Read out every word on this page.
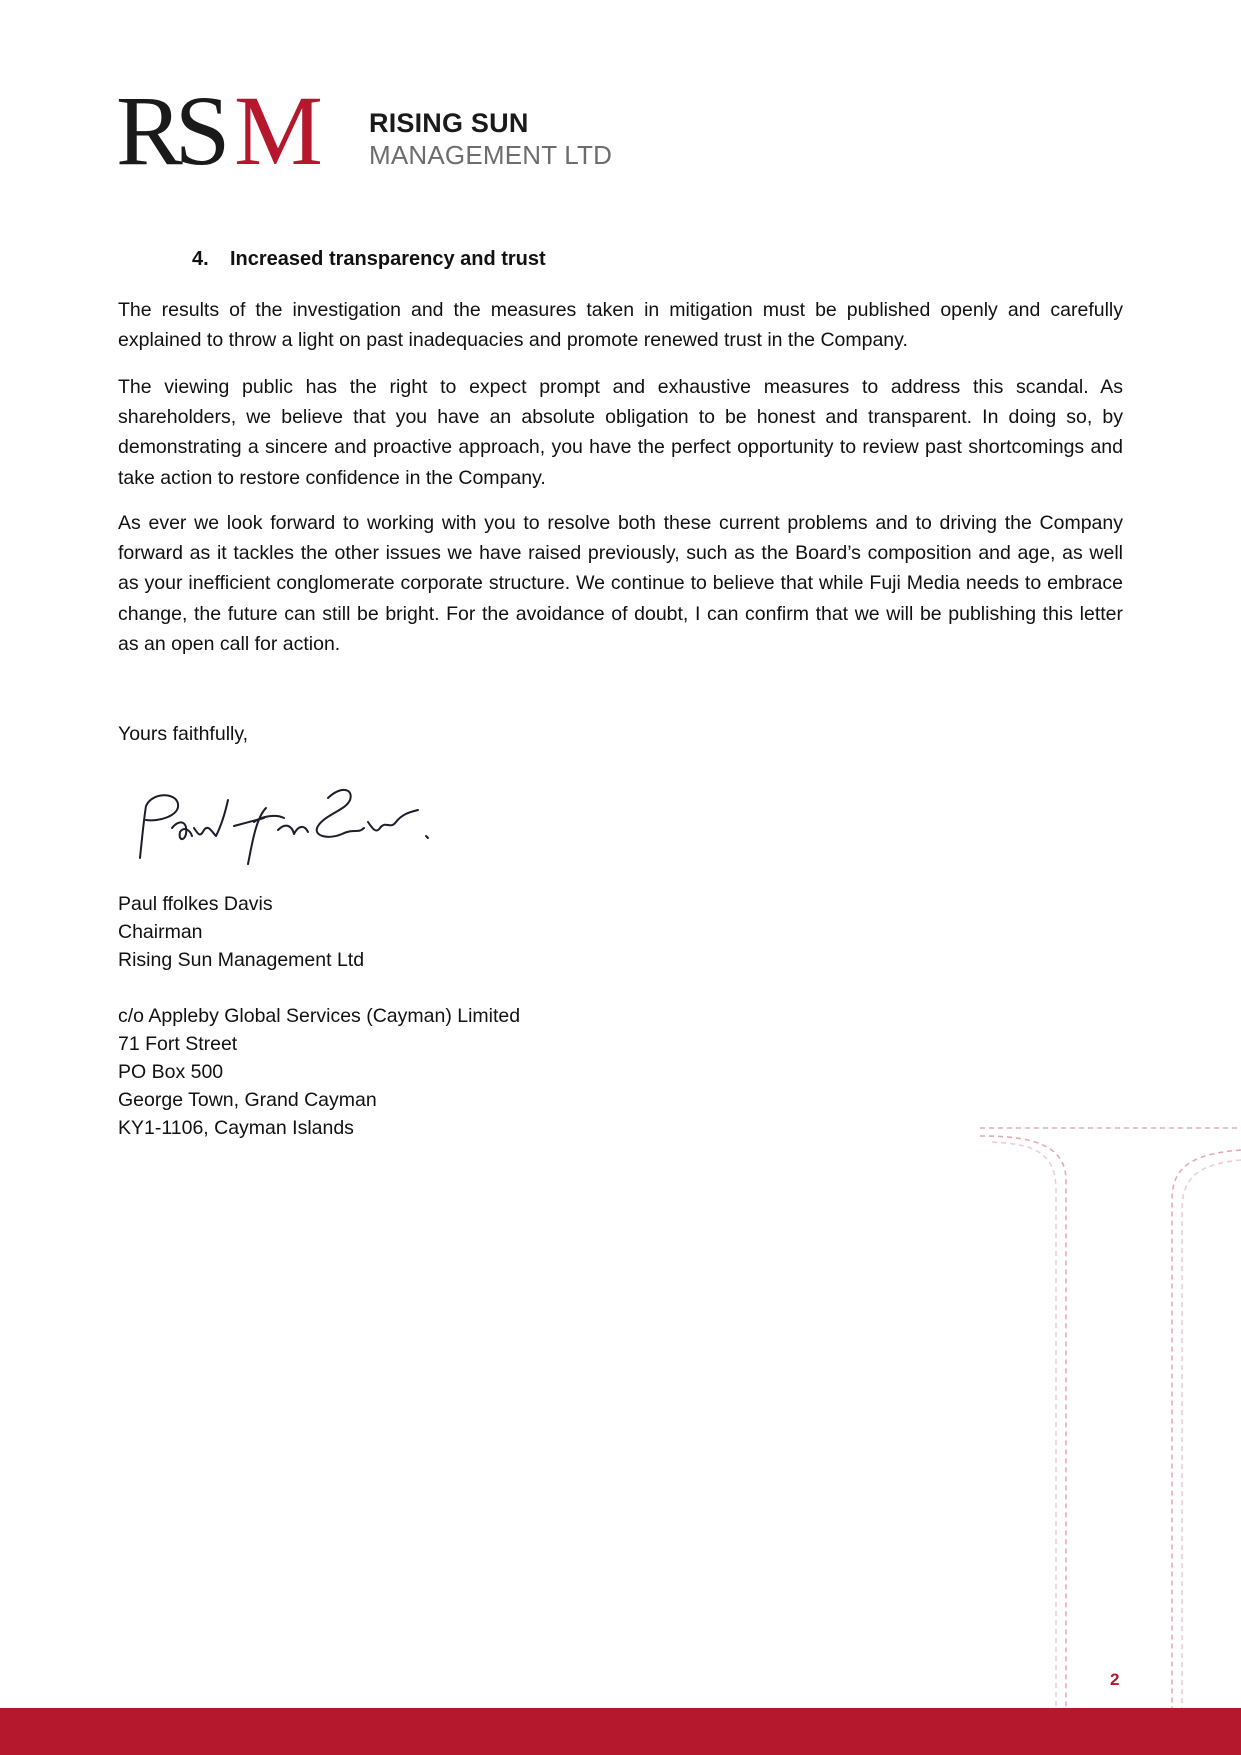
RS M RISING SUN
MANAGEMENT LTD
4. Increased transparency and trust

The results of the investigation and the measures taken in mitigation must be published openly and carefully explained to throw a light on past inadequacies and promote renewed trust in the Company.

The viewing public has the right to expect prompt and exhaustive measures to address this scandal. As shareholders, we believe that you have an absolute obligation to be honest and transparent. In doing so, by demonstrating a sincere and proactive approach, you have the perfect opportunity to review past shortcomings and take action to restore confidence in the Company.

As ever we look forward to working with you to resolve both these current problems and to driving the Company forward as it tackles the other issues we have raised previously, such as the Board’s composition and age, as well as your inefficient conglomerate corporate structure. We continue to believe that while Fuji Media needs to embrace change, the future can still be bright. For the avoidance of doubt, I can confirm that we will be publishing this letter as an open call for action.

Yours faithfully,
Paul ffolkes Davis
Chairman
Rising Sun Management Ltd
c/o Appleby Global Services (Cayman) Limited
71 Fort Street
PO Box 500
George Town, Grand Cayman
KY1-1106, Cayman Islands
2
